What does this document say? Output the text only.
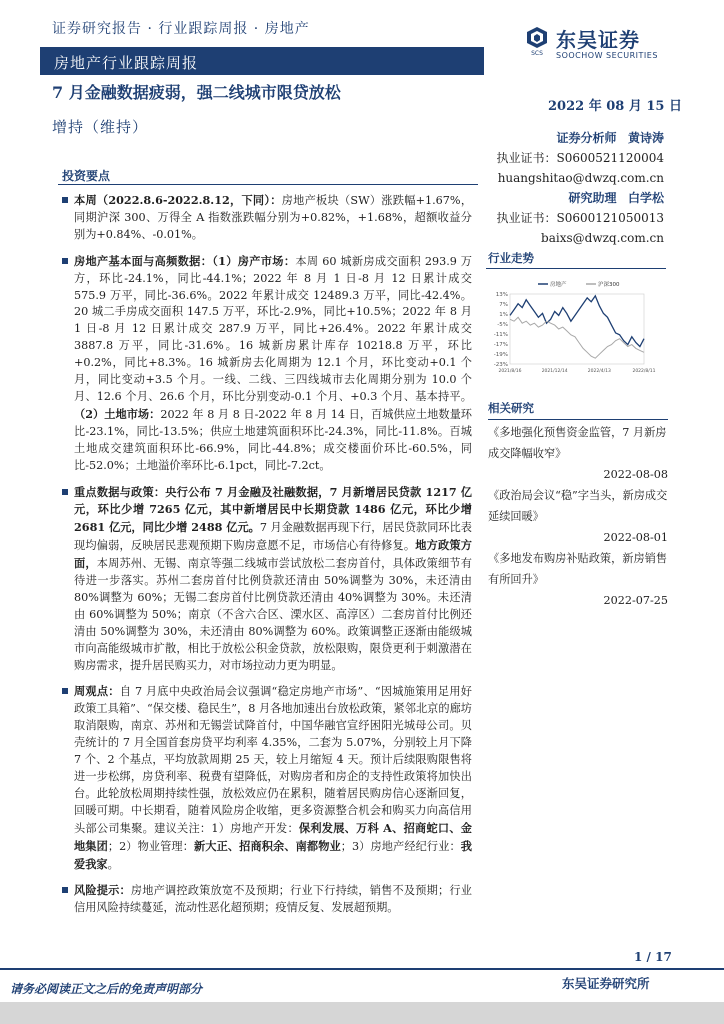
证券研究报告 · 行业跟踪周报 · 房地产
房地产行业跟踪周报
SCS
东吴证券
SOOCHOW SECURITIES
7 月金融数据疲弱，强二线城市限贷放松
2022 年 08 月 15 日
增持（维持）
证券分析师 黄诗涛
执业证书：S0600521120004
huangshitao@dwzq.com.cn
研究助理 白学松
执业证书：S0600121050013
baixs@dwzq.com.cn
投资要点

本周（2022.8.6-2022.8.12，下同）：房地产板块（SW）涨跌幅+1.67%，同期沪深 300、万得全 A 指数涨跌幅分别为+0.82%，+1.68%，超额收益分别为+0.84%、-0.01%。

房地产基本面与高频数据：（1）房产市场：本周 60 城新房成交面积 293.9 万方，环比-24.1%，同比-44.1%；2022 年 8 月 1 日-8 月 12 日累计成交 575.9 万平，同比-36.6%。2022 年累计成交 12489.3 万平，同比-42.4%。20 城二手房成交面积 147.5 万平，环比-2.9%，同比+10.5%；2022 年 8 月 1 日-8 月 12 日累计成交 287.9 万平，同比+26.4%。2022 年累计成交 3887.8 万平，同比-31.6%。16 城新房累计库存 10218.8 万平，环比+0.2%，同比+8.3%。16 城新房去化周期为 12.1 个月，环比变动+0.1 个月，同比变动+3.5 个月。一线、二线、三四线城市去化周期分别为 10.0 个月、12.6 个月、26.6 个月，环比分别变动-0.1 个月、+0.3 个月、基本持平。 （2）土地市场：2022 年 8 月 8 日-2022 年 8 月 14 日，百城供应土地数量环比-23.1%，同比-13.5%；供应土地建筑面积环比-24.3%，同比-11.8%。百城土地成交建筑面积环比-66.9%，同比-44.8%；成交楼面价环比-60.5%，同比-52.0%；土地溢价率环比-6.1pct，同比-7.2ct。

重点数据与政策：央行公布 7 月金融及社融数据，7 月新增居民贷款 1217 亿元，环比少增 7265 亿元，其中新增居民中长期贷款 1486 亿元，环比少增 2681 亿元，同比少增 2488 亿元。7 月金融数据再现下行，居民贷款同环比表现均偏弱，反映居民悲观预期下购房意愿不足，市场信心有待修复。地方政策方面，本周苏州、无锡、南京等强二线城市尝试放松二套房首付，具体政策细节有待进一步落实。苏州二套房首付比例贷款还清由 50%调整为 30%，未还清由 80%调整为 60%；无锡二套房首付比例贷款还清由 40%调整为 30%。未还清由 60%调整为 50%；南京（不含六合区、溧水区、高淳区）二套房首付比例还清由 50%调整为 30%，未还清由 80%调整为 60%。政策调整正逐渐由能级城市向高能级城市扩散，相比于放松公积金贷款，放松限购，限贷更利于刺激潜在购房需求，提升居民购买力，对市场拉动力更为明显。

周观点：自 7 月底中央政治局会议强调“稳定房地产市场”、“因城施策用足用好政策工具箱”、“保交楼、稳民生”，8 月各地加速出台放松政策，紧邻北京的廊坊取消限购，南京、苏州和无锡尝试降首付，中国华融官宣纾困阳光城母公司。贝壳统计的 7 月全国首套房贷平均利率 4.35%，二套为 5.07%，分别较上月下降 7 个、2 个基点，平均放款周期 25 天，较上月缩短 4 天。预计后续限购限售将进一步松绑，房贷利率、税费有望降低，对购房者和房企的支持性政策将加快出台。此轮放松周期持续性强，放松效应仍在累积，随着居民购房信心逐渐回复，回暖可期。中长期看，随着风险房企收缩，更多资源整合机会和购买力向高信用头部公司集聚。建议关注：1）房地产开发：保利发展、万科 A、招商蛇口、金地集团；2）物业管理：新大正、招商积余、南都物业；3）房地产经纪行业：我爱我家。

风险提示：房地产调控政策放宽不及预期；行业下行持续，销售不及预期；行业信用风险持续蔓延，流动性恶化超预期；疫情反复、发展超预期。

行业走势
13%
7%
1%
-5%
-11%
-17%
-19%
-23%
2021/8/16	2021/12/14	2022/4/13	2022/8/11
房地产	沪深300
相关研究
《多地强化预售资金监管，7 月新房成交降幅收窄》
2022-08-08
《政治局会议“稳”字当头，新房成交延续回暖》
2022-08-01
《多地发布购房补贴政策，新房销售有所回升》
2022-07-25
1 / 17
请务必阅读正文之后的免责声明部分	东吴证券研究所
